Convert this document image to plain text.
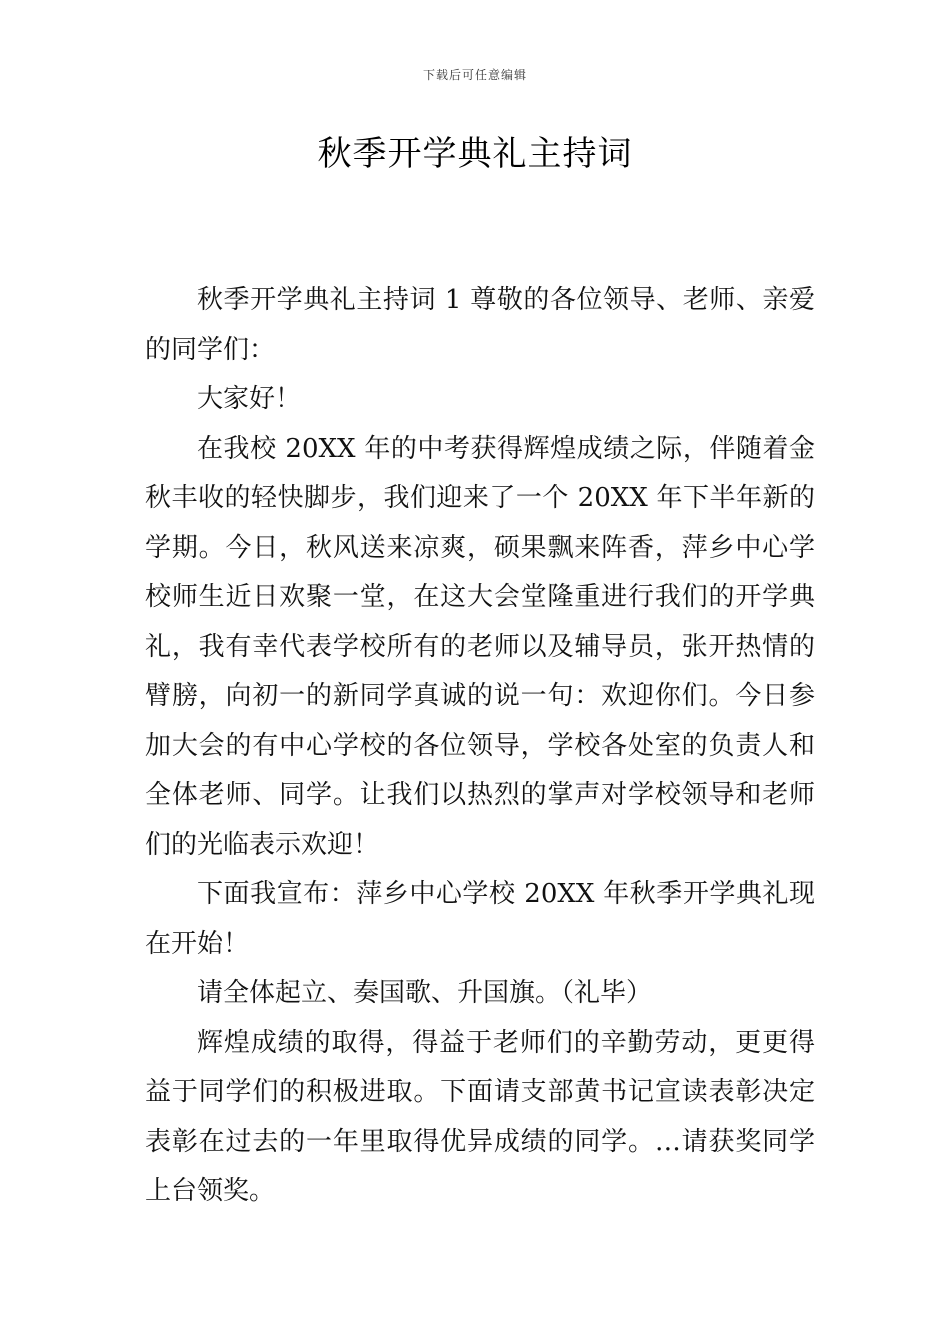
下载后可任意编辑
秋季开学典礼主持词

秋季开学典礼主持词 1 尊敬的各位领导、老师、亲爱的同学们：

大家好！

在我校 20XX 年的中考获得辉煌成绩之际，伴随着金秋丰收的轻快脚步，我们迎来了一个 20XX 年下半年新的学期。今日，秋风送来凉爽，硕果飘来阵香，萍乡中心学校师生近日欢聚一堂，在这大会堂隆重进行我们的开学典礼，我有幸代表学校所有的老师以及辅导员，张开热情的臂膀，向初一的新同学真诚的说一句：欢迎你们。今日参加大会的有中心学校的各位领导，学校各处室的负责人和全体老师、同学。让我们以热烈的掌声对学校领导和老师们的光临表示欢迎！

下面我宣布：萍乡中心学校 20XX 年秋季开学典礼现在开始！

请全体起立、奏国歌、升国旗。（礼毕）

辉煌成绩的取得，得益于老师们的辛勤劳动，更更得益于同学们的积极进取。下面请支部黄书记宣读表彰决定表彰在过去的一年里取得优异成绩的同学。…请获奖同学上台领奖。
